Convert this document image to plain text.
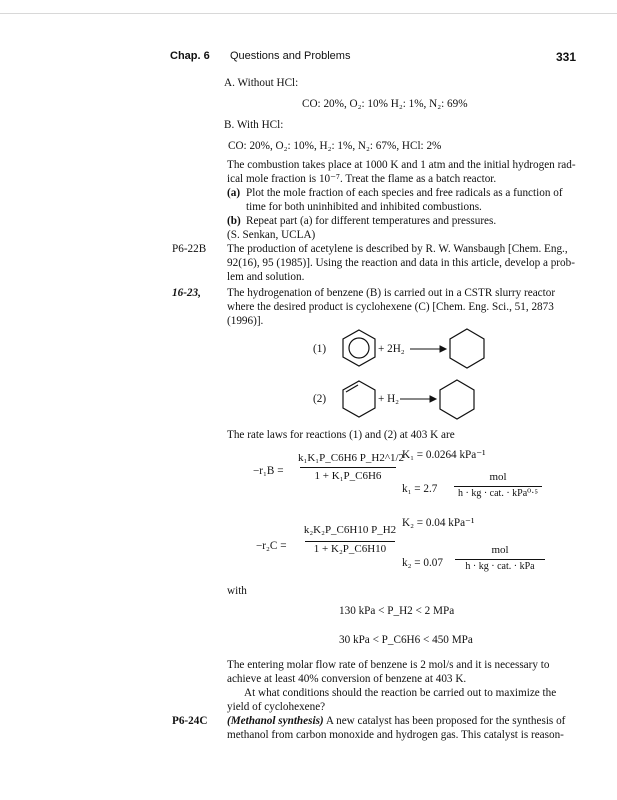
Chap. 6 Questions and Problems	331
A. Without HCl:
CO: 20%, O₂: 10% H₂: 1%, N₂: 69%
B. With HCl:
CO: 20%, O₂: 10%, H₂: 1%, N₂: 67%, HCl: 2%
The combustion takes place at 1000 K and 1 atm and the initial hydrogen rad-
ical mole fraction is 10⁻⁷. Treat the flame as a batch reactor.
(a) Plot the mole fraction of each species and free radicals as a function of
time for both uninhibited and inhibited combustions.
(b) Repeat part (a) for different temperatures and pressures.
(S. Senkan, UCLA)
P6-22B The production of acetylene is described by R. W. Wansbaugh [Chem. Eng.,
92(16), 95 (1985)]. Using the reaction and data in this article, develop a prob-
lem and solution.
16-23, The hydrogenation of benzene (B) is carried out in a CSTR slurry reactor
where the desired product is cyclohexene (C) [Chem. Eng. Sci., 51, 2873
(1996)].
(1)	+ 2H₂
(2)	+ H₂
The rate laws for reactions (1) and (2) at 403 K are
−r₁B =
k₁K₁P_C6H6 P_H2^1/2
1 + K₁P_C6H6
K₁ = 0.0264 kPa⁻¹
k₁ = 2.7
mol
h · kg · cat. · kPa⁰·⁵
−r₂C =
k₂K₂P_C6H10 P_H2
1 + K₂P_C6H10
K₂ = 0.04 kPa⁻¹
k₂ = 0.07
mol
h · kg · cat. · kPa
with
130 kPa < P_H2 < 2 MPa
30 kPa < P_C6H6 < 450 MPa
The entering molar flow rate of benzene is 2 mol/s and it is necessary to
achieve at least 40% conversion of benzene at 403 K.
At what conditions should the reaction be carried out to maximize the
yield of cyclohexene?
P6-24C (Methanol synthesis) A new catalyst has been proposed for the synthesis of
methanol from carbon monoxide and hydrogen gas. This catalyst is reason-
